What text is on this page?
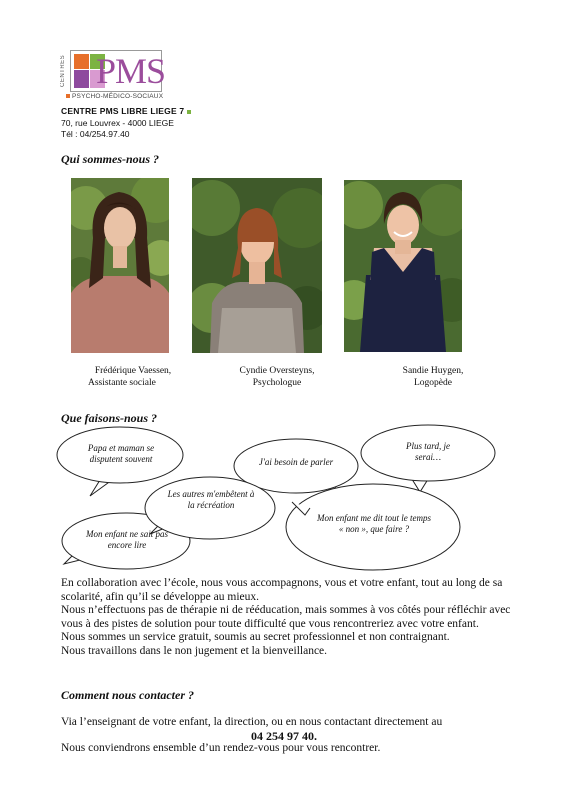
CENTRES PMS
PSYCHO-MÉDICO-SOCIAUX
CENTRE PMS LIBRE LIEGE 7
70, rue Louvrex - 4000 LIEGE
Tél : 04/254.97.40
Qui sommes-nous ?
Frédérique Vaessen,
Assistante sociale
Cyndie Oversteyns,
Psychologue
Sandie Huygen,
Logopède
Que faisons-nous ?
Papa et maman se disputent souvent
Les autres m'embêtent à la récréation
J'ai besoin de parler
Plus tard, je serai…
Mon enfant ne sait pas encore lire
Mon enfant me dit tout le temps « non », que faire ?
En collaboration avec l’école, nous vous accompagnons, vous et votre enfant, tout au long de sa scolarité, afin qu’il se développe au mieux.
Nous n’effectuons pas de thérapie ni de rééducation, mais sommes à vos côtés pour réfléchir avec vous à des pistes de solution pour toute difficulté que vous rencontreriez avec votre enfant.
Nous sommes un service gratuit, soumis au secret professionnel et non contraignant.
Nous travaillons dans le non jugement et la bienveillance.
Comment nous contacter ?
Via l’enseignant de votre enfant, la direction, ou en nous contactant directement au
04 254 97 40.
Nous conviendrons ensemble d’un rendez-vous pour vous rencontrer.
